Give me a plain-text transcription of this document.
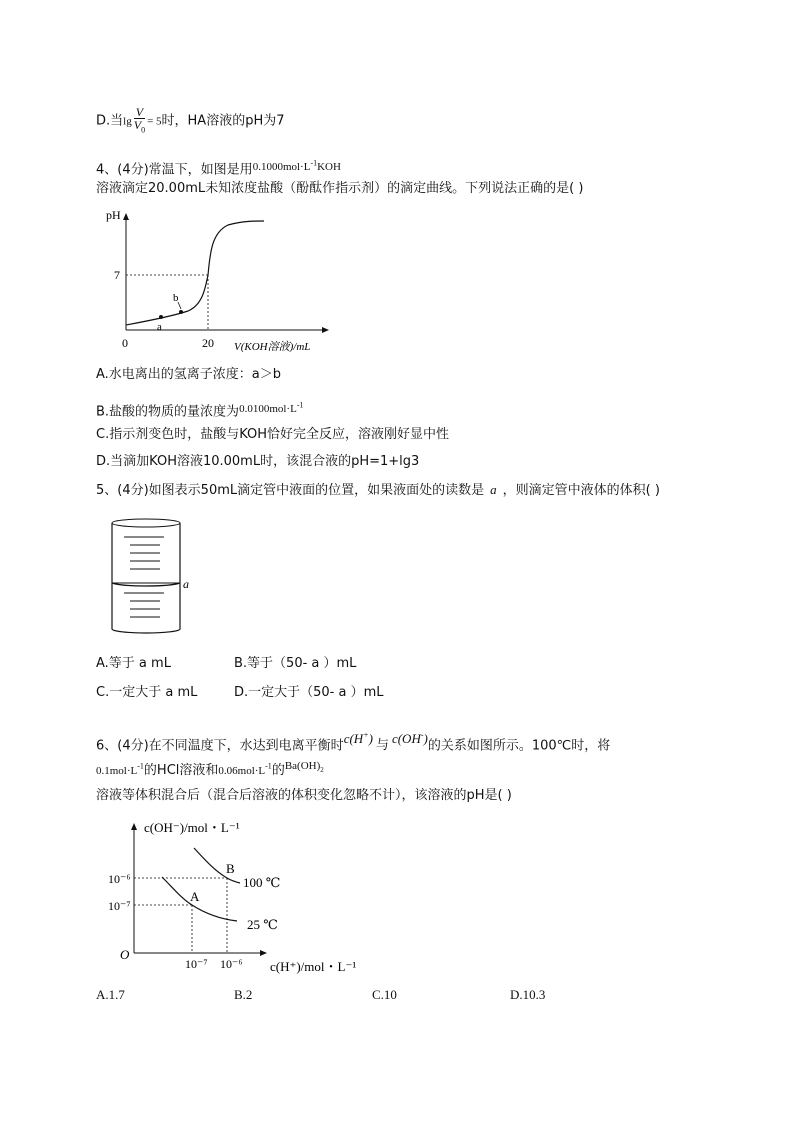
D.当$\lg \frac{V}{V_0} = 5$时，HA溶液的pH为7
4、(4分)常温下，如图是用$^{0.1000mol\cdot L^{-1}KOH}$
溶液滴定20.00mL未知浓度盐酸（酚酞作指示剂）的滴定曲线。下列说法正确的是( )
pH
7
0	20 V(KOH溶液)/mL
a
b
A.水电离出的氢离子浓度：a＞b
B.盐酸的物质的量浓度为$^{0.0100mol\cdot L^{-1}}$
C.指示剂变色时，盐酸与KOH恰好完全反应，溶液刚好显中性
D.当滴加KOH溶液10.00mL时，该混合液的pH=1+lg3
5、(4分)如图表示50mL滴定管中液面的位置，如果液面处的读数是 a ，则滴定管中液体的体积( )
a
A.等于 a mL	B.等于（50- a ）mL
C.一定大于 a mL	D.一定大于（50- a ）mL
6、(4分)在不同温度下，水达到电离平衡时c(H+) 与 c(OH-)的关系如图所示。100℃时，将
$0.1mol\cdot L^{-1}$的HCl溶液和$0.06mol\cdot L^{-1}$的$^{Ba(OH)_2}$
溶液等体积混合后（混合后溶液的体积变化忽略不计），该溶液的pH是( )
c(OH⁻)/mol・L⁻¹
10⁻⁶
10⁻⁷
O
10⁻⁷ 10⁻⁶ c(H⁺)/mol・L⁻¹
B
A
100 ℃
25 ℃
A.1.7	B.2	C.10	D.10.3
